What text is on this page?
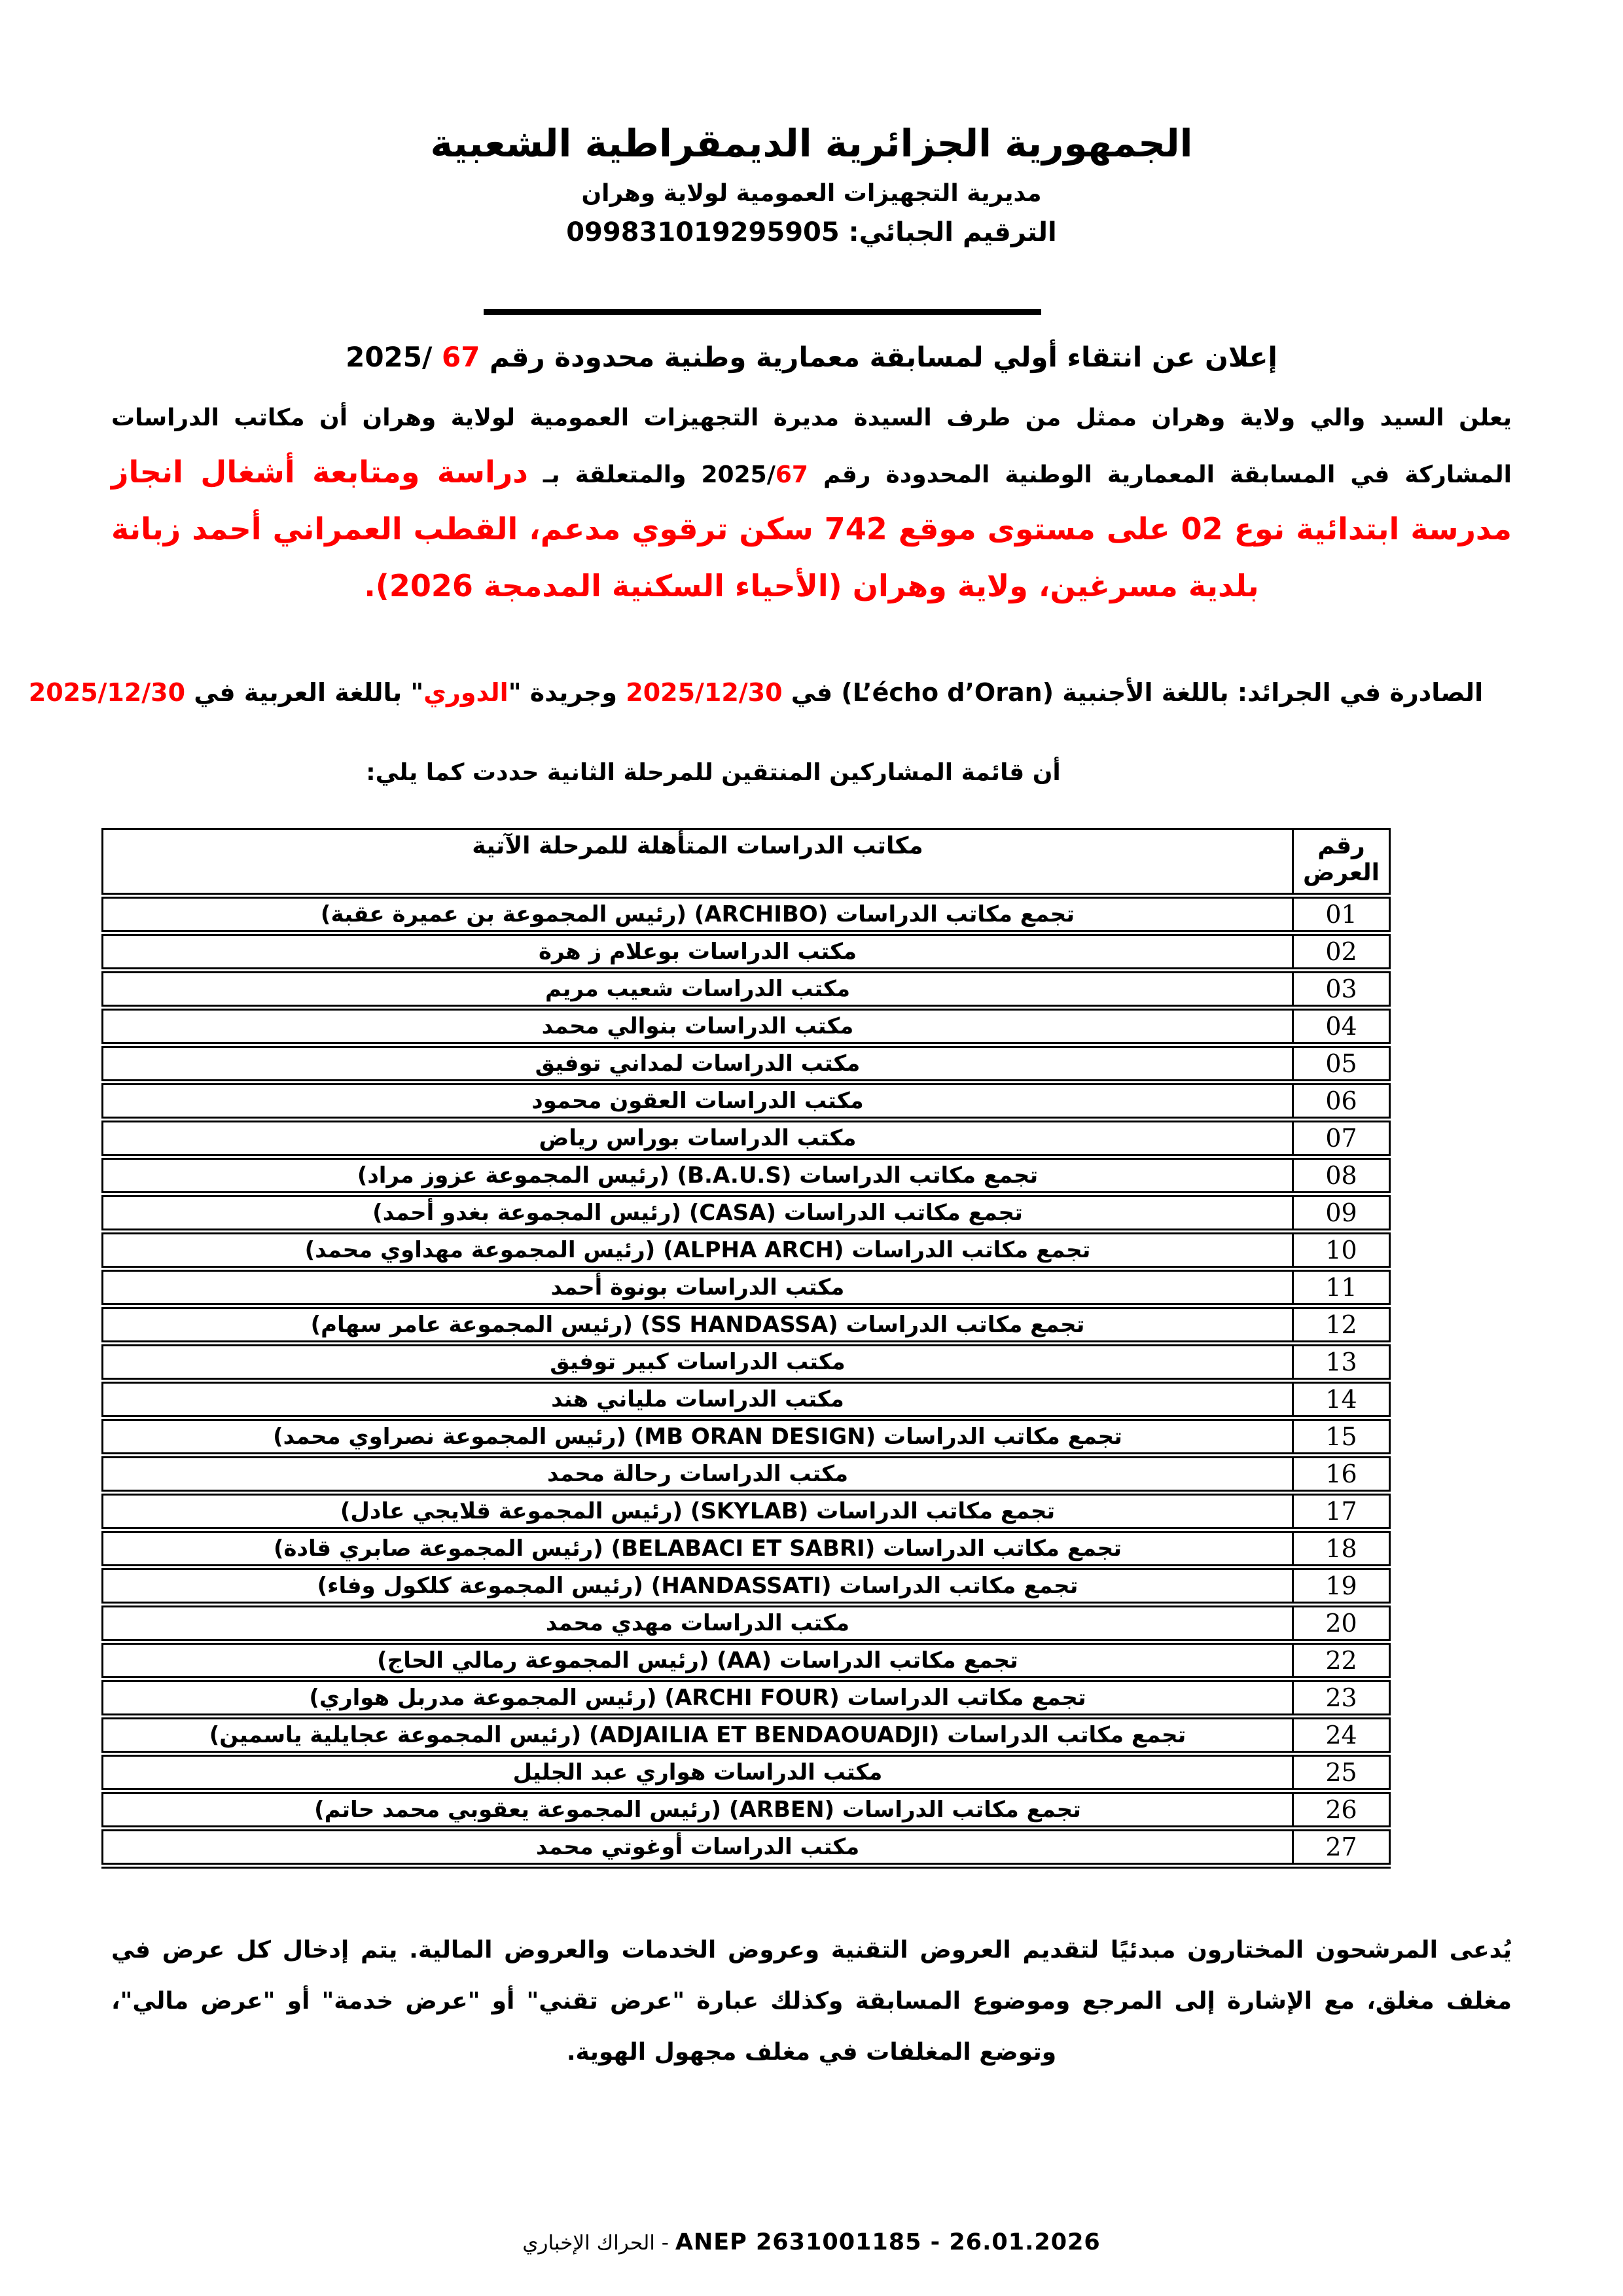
الجمهورية الجزائرية الديمقراطية الشعبية
مديرية التجهيزات العمومية لولاية وهران
الترقيم الجبائي: 099831019295905
إعلان عن انتقاء أولي لمسابقة معمارية وطنية محدودة رقم 2025/ 67

يعلن السيد والي ولاية وهران ممثل من طرف السيدة مديرة التجهيزات العمومية لولاية وهران أن مكاتب الدراسات المشاركة في المسابقة المعمارية الوطنية المحدودة رقم 2025/67 والمتعلقة بـ دراسة ومتابعة أشغال انجاز مدرسة ابتدائية نوع 02 على مستوى موقع 742 سكن ترقوي مدعم، القطب العمراني أحمد زبانة بلدية مسرغين، ولاية وهران (الأحياء السكنية المدمجة 2026).

الصادرة في الجرائد: باللغة الأجنبية (L’écho d’Oran) في 2025/12/30 وجريدة "الدوري" باللغة العربية في 2025/12/30

أن قائمة المشاركين المنتقين للمرحلة الثانية حددت كما يلي:

رقم العرض	مكاتب الدراسات المتأهلة للمرحلة الآتية
01	تجمع مكاتب الدراسات (ARCHIBO) (رئيس المجموعة بن عميرة عقبة)
02	مكتب الدراسات بوعلام ز هرة
03	مكتب الدراسات شعيب مريم
04	مكتب الدراسات بنوالي محمد
05	مكتب الدراسات لمداني توفيق
06	مكتب الدراسات العقون محمود
07	مكتب الدراسات بوراس رياض
08	تجمع مكاتب الدراسات (B.A.U.S) (رئيس المجموعة عزوز مراد)
09	تجمع مكاتب الدراسات (CASA) (رئيس المجموعة بغدو أحمد)
10	تجمع مكاتب الدراسات (ALPHA ARCH) (رئيس المجموعة مهداوي محمد)
11	مكتب الدراسات بونوة أحمد
12	تجمع مكاتب الدراسات (SS HANDASSA) (رئيس المجموعة عامر سهام)
13	مكتب الدراسات كبير توفيق
14	مكتب الدراسات ملياني هند
15	تجمع مكاتب الدراسات (MB ORAN DESIGN) (رئيس المجموعة نصراوي محمد)
16	مكتب الدراسات رحالة محمد
17	تجمع مكاتب الدراسات (SKYLAB) (رئيس المجموعة قلايجي عادل)
18	تجمع مكاتب الدراسات (BELABACI ET SABRI) (رئيس المجموعة صابري قادة)
19	تجمع مكاتب الدراسات (HANDASSATI) (رئيس المجموعة كلكول وفاء)
20	مكتب الدراسات مهدي محمد
22	تجمع مكاتب الدراسات (AA) (رئيس المجموعة رمالي الحاج)
23	تجمع مكاتب الدراسات (ARCHI FOUR) (رئيس المجموعة مدربل هواري)
24	تجمع مكاتب الدراسات (ADJAILIA ET BENDAOUADJI) (رئيس المجموعة عجايلية ياسمين)
25	مكتب الدراسات هواري عبد الجليل
26	تجمع مكاتب الدراسات (ARBEN) (رئيس المجموعة يعقوبي محمد حاتم)
27	مكتب الدراسات أوغوتي محمد

يُدعى المرشحون المختارون مبدئيًا لتقديم العروض التقنية وعروض الخدمات والعروض المالية. يتم إدخال كل عرض في مغلف مغلق، مع الإشارة إلى المرجع وموضوع المسابقة وكذلك عبارة "عرض تقني" أو "عرض خدمة" أو "عرض مالي"، وتوضع المغلفات في مغلف مجهول الهوية.

ANEP 2631001185 - 26.01.2026 - الحراك الإخباري
